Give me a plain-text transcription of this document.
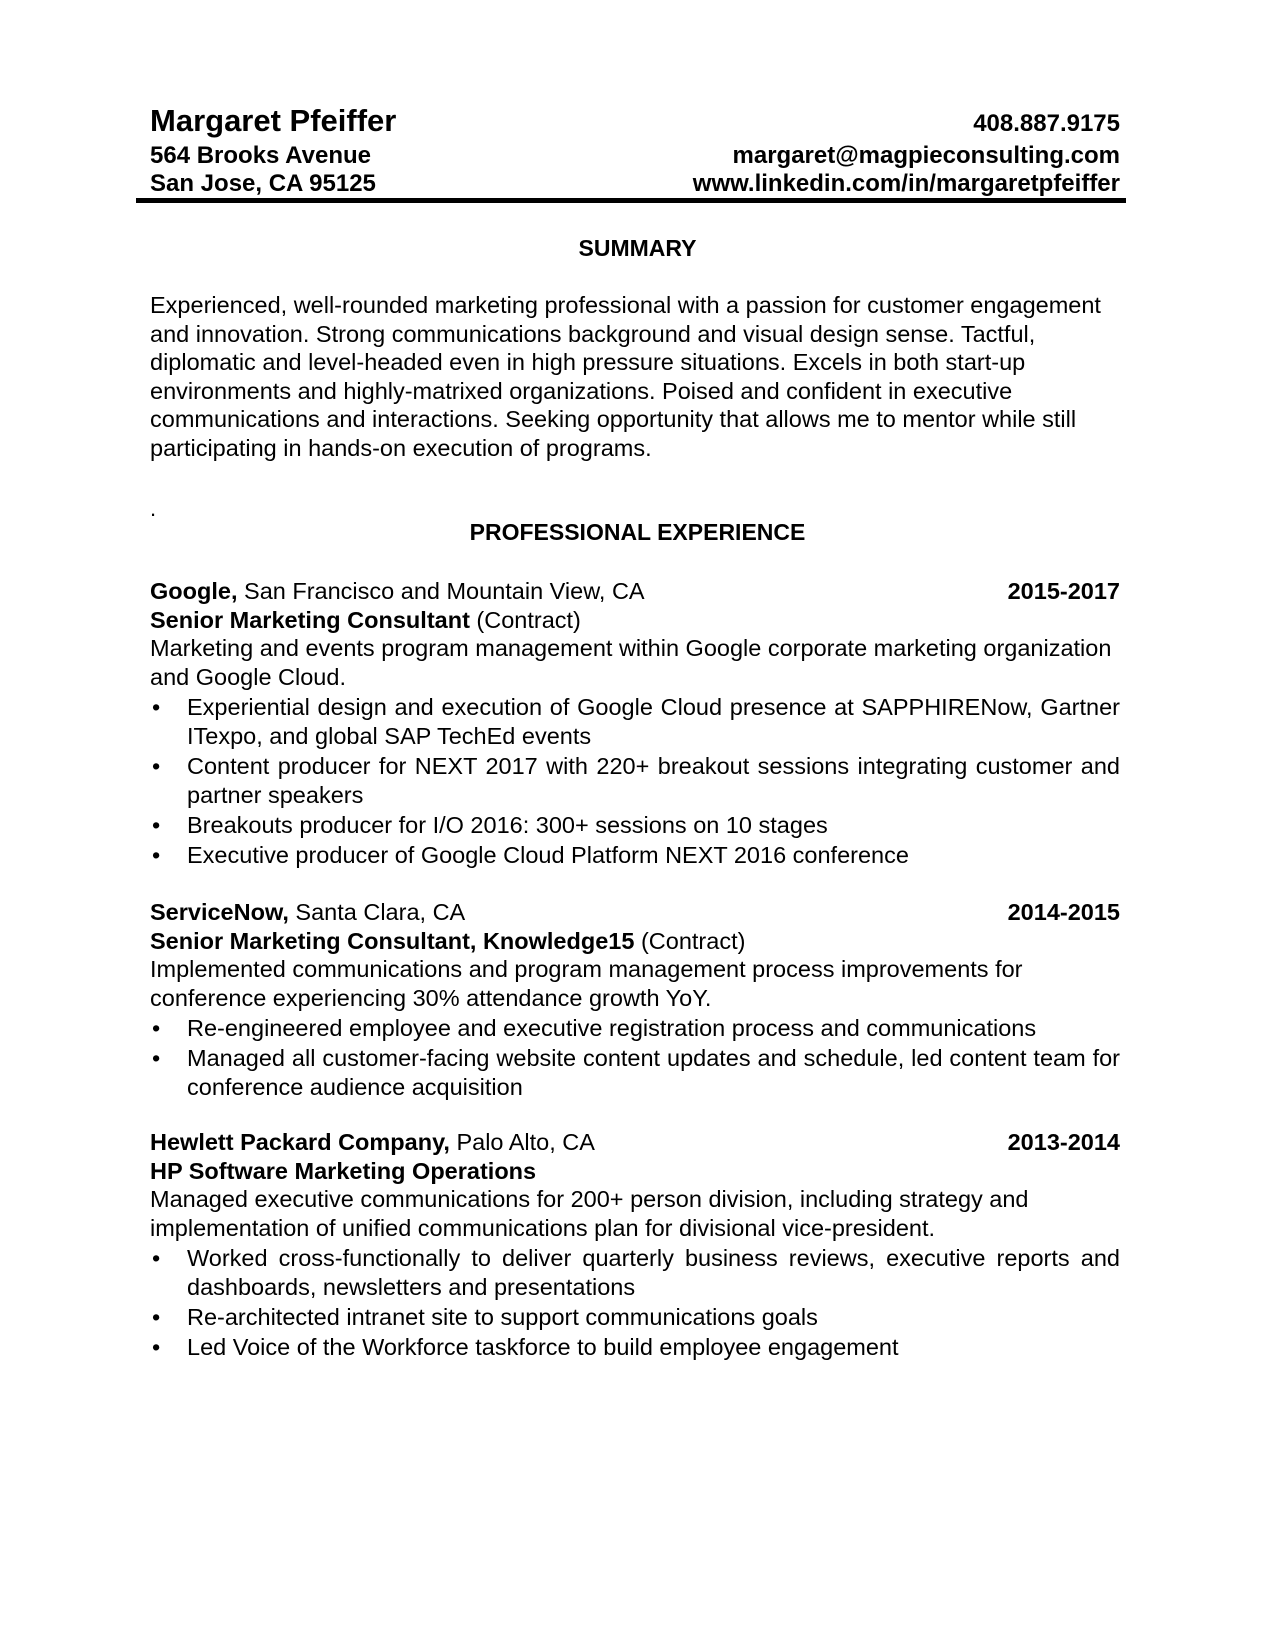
Margaret Pfeiffer	408.887.9175
564 Brooks Avenue	margaret@magpieconsulting.com
San Jose, CA 95125	www.linkedin.com/in/margaretpfeiffer
SUMMARY
Experienced, well-rounded marketing professional with a passion for customer engagement and innovation. Strong communications background and visual design sense. Tactful, diplomatic and level-headed even in high pressure situations. Excels in both start-up environments and highly-matrixed organizations. Poised and confident in executive communications and interactions. Seeking opportunity that allows me to mentor while still participating in hands-on execution of programs.
.
PROFESSIONAL EXPERIENCE
Google, San Francisco and Mountain View, CA	2015-2017
Senior Marketing Consultant (Contract)
Marketing and events program management within Google corporate marketing organization and Google Cloud.
• Experiential design and execution of Google Cloud presence at SAPPHIRENow, Gartner ITexpo, and global SAP TechEd events
• Content producer for NEXT 2017 with 220+ breakout sessions integrating customer and partner speakers
• Breakouts producer for I/O 2016: 300+ sessions on 10 stages
• Executive producer of Google Cloud Platform NEXT 2016 conference
ServiceNow, Santa Clara, CA	2014-2015
Senior Marketing Consultant, Knowledge15 (Contract)
Implemented communications and program management process improvements for conference experiencing 30% attendance growth YoY.
• Re-engineered employee and executive registration process and communications
• Managed all customer-facing website content updates and schedule, led content team for conference audience acquisition
Hewlett Packard Company, Palo Alto, CA	2013-2014
HP Software Marketing Operations
Managed executive communications for 200+ person division, including strategy and implementation of unified communications plan for divisional vice-president.
• Worked cross-functionally to deliver quarterly business reviews, executive reports and dashboards, newsletters and presentations
• Re-architected intranet site to support communications goals
• Led Voice of the Workforce taskforce to build employee engagement
